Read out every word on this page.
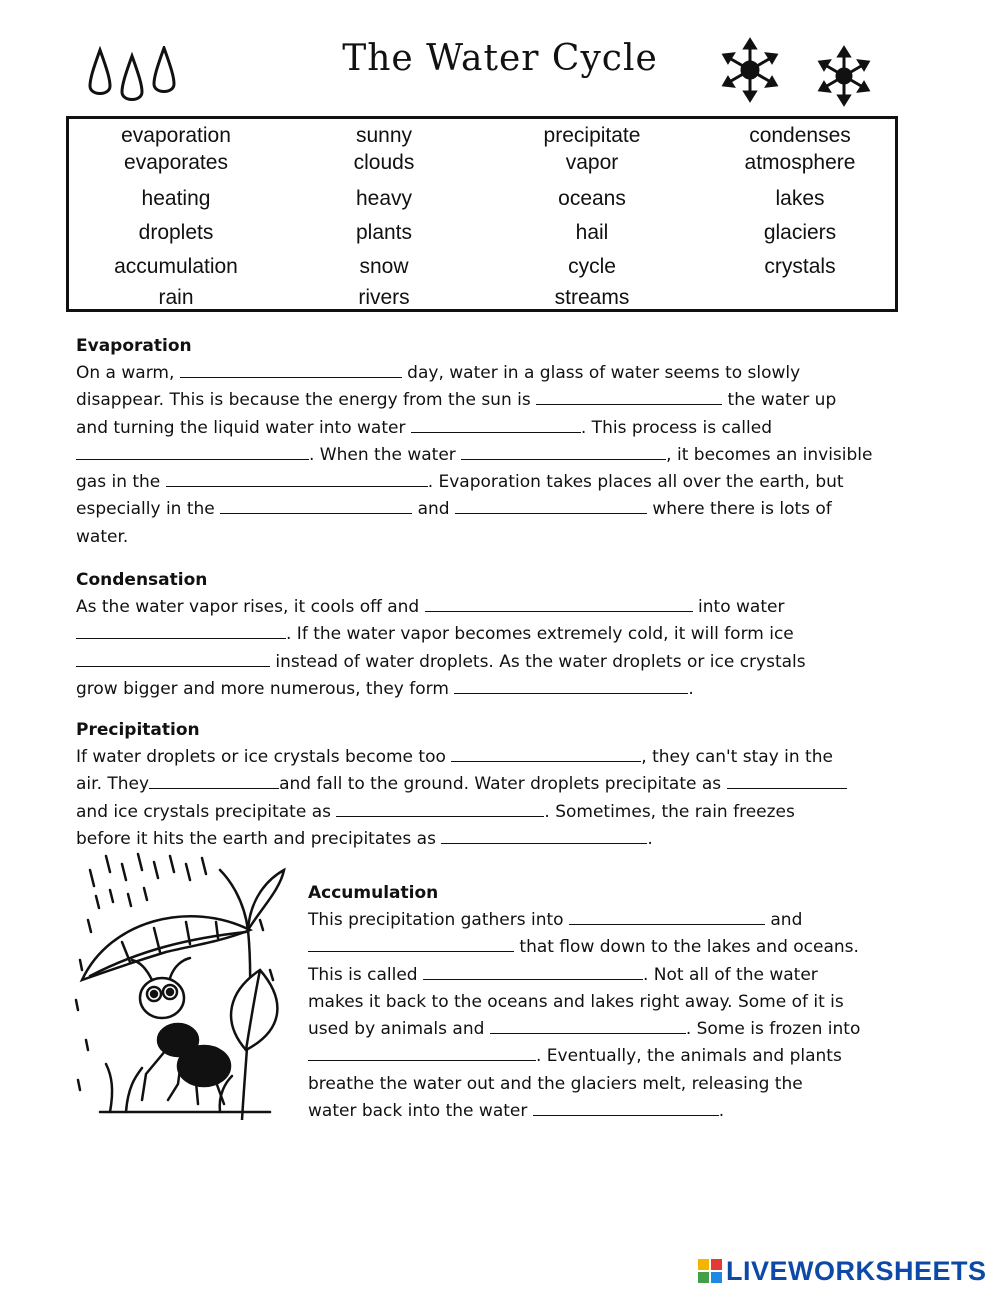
The Water Cycle
evaporation	sunny	precipitate	condenses
evaporates	clouds	vapor	atmosphere
heating	heavy	oceans	lakes
droplets	plants	hail	glaciers
accumulation	snow	cycle	crystals
rain	rivers	streams
Evaporation
On a warm,	day, water in a glass of water seems to slowly
disappear. This is because the energy from the sun is	the water up
and turning the liquid water into water	. This process is called
. When the water	, it becomes an invisible
gas in the	. Evaporation takes places all over the earth, but
especially in the	and	where there is lots of
water.
Condensation
As the water vapor rises, it cools off and	into water
. If the water vapor becomes extremely cold, it will form ice
instead of water droplets. As the water droplets or ice crystals
grow bigger and more numerous, they form	.
Precipitation
If water droplets or ice crystals become too	, they can't stay in the
air. They	and fall to the ground. Water droplets precipitate as
and ice crystals precipitate as	. Sometimes, the rain freezes
before it hits the earth and precipitates as	.
Accumulation
This precipitation gathers into	and
that flow down to the lakes and oceans.
This is called	. Not all of the water
makes it back to the oceans and lakes right away. Some of it is
used by animals and	. Some is frozen into
. Eventually, the animals and plants
breathe the water out and the glaciers melt, releasing the
water back into the water	.
LIVEWORKSHEETS
